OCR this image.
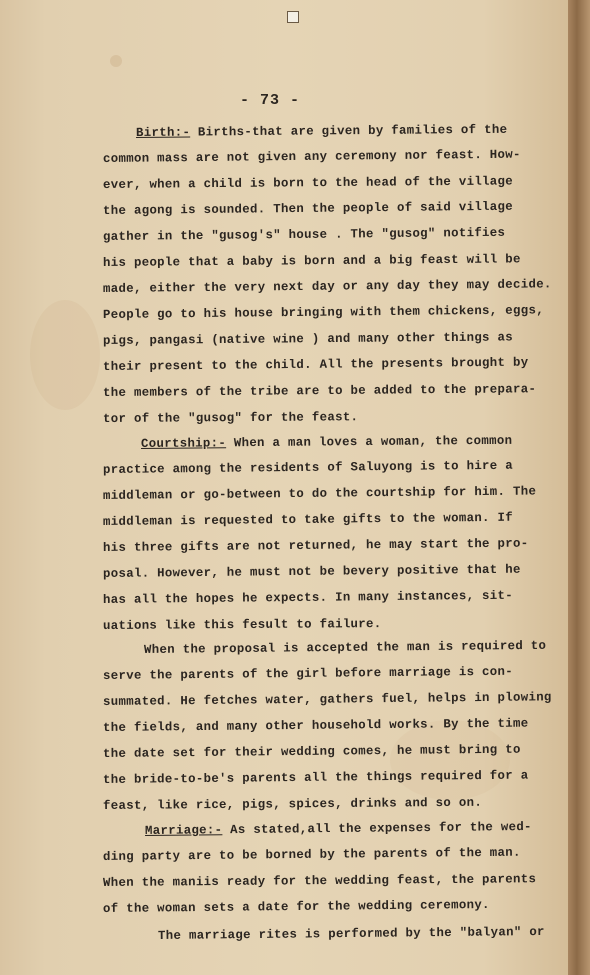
- 73 -
Birth:- Births-that are given by families of the
common mass are not given any ceremony nor feast. How-
ever, when a child is born to the head of the village
the agong is sounded. Then the people of said village
gather in the "gusog's" house . The "gusog" notifies
his people that a baby is born and a big feast will be
made, either the very next day or any day they may decide.
People go to his house bringing with them chickens, eggs,
pigs, pangasi (native wine ) and many other things as
their present to the child. All the presents brought by
the members of the tribe are to be added to the prepara-
tor of the "gusog" for the feast.
Courtship:- When a man loves a woman, the common
practice among the residents of Saluyong is to hire a
middleman or go-between to do the courtship for him. The
middleman is requested to take gifts to the woman. If
his three gifts are not returned, he may start the pro-
posal. However, he must not be bevery positive that he
has all the hopes he expects. In many instances, sit-
uations like this fesult to failure.
When the proposal is accepted the man is required to
serve the parents of the girl before marriage is con-
summated. He fetches water, gathers fuel, helps in plowing
the fields, and many other household works. By the time
the date set for their wedding comes, he must bring to
the bride-to-be's parents all the things required for a
feast, like rice, pigs, spices, drinks and so on.
Marriage:- As stated,all the expenses for the wed-
ding party are to be borned by the parents of the man.
When the maniis ready for the wedding feast, the parents
of the woman sets a date for the wedding ceremony.
The marriage rites is performed by the "balyan" or
